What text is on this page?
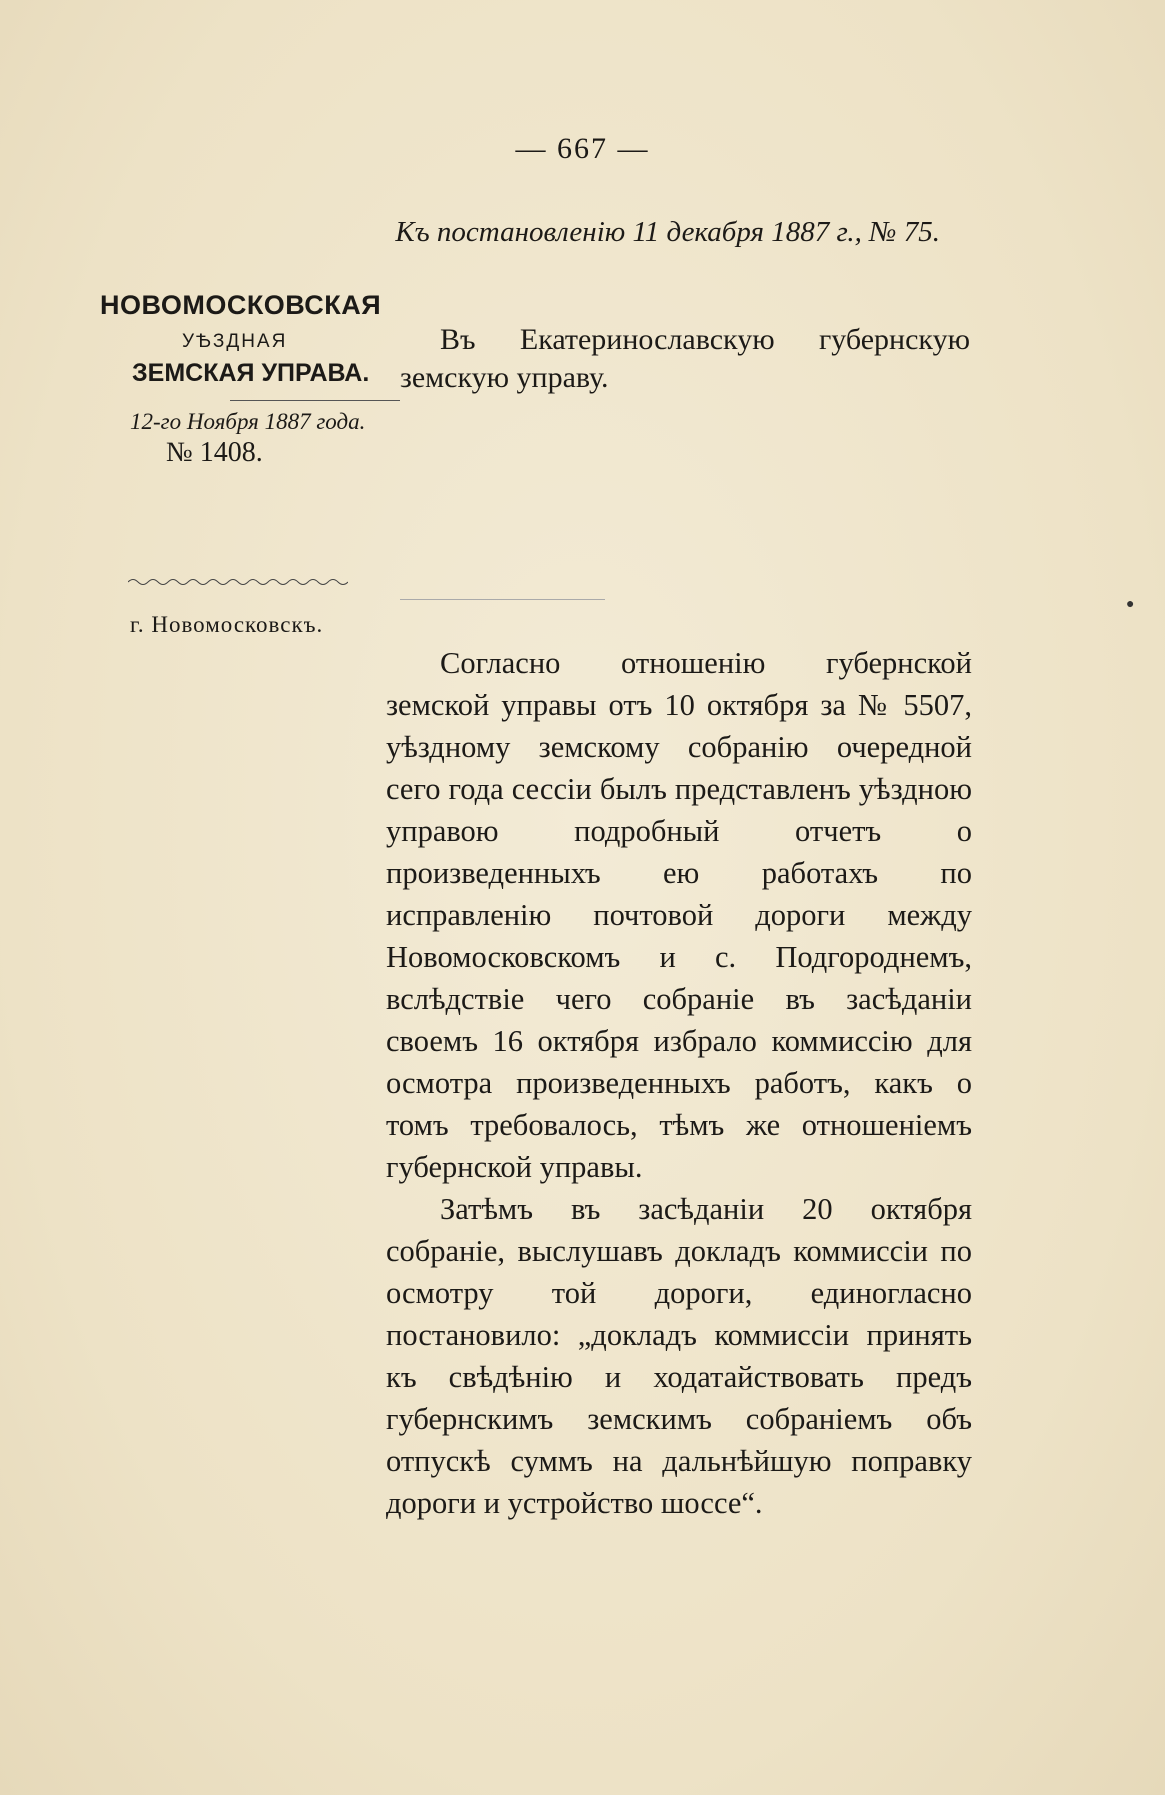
— 667 —
Къ постановленію 11 декабря 1887 г., № 75.
НОВОМОСКОВСКАЯ
УѢЗДНАЯ
ЗЕМСКАЯ УПРАВА.
12-го Ноября 1887 года.
№ 1408.
г. Новомосковскъ.
Въ Екатеринославскую губернскую
земскую управу.
●

Согласно отношенію губернской земской управы отъ 10 октября за № 5507, уѣздному земскому собранію очередной сего года сессіи былъ представленъ уѣздною управою подробный отчетъ о произведенныхъ ею работахъ по исправленію почтовой дороги между Новомосковскомъ и с. Подгороднемъ, вслѣдствіе чего собраніе въ засѣданіи своемъ 16 октября избрало коммиссію для осмотра произведенныхъ работъ, какъ о томъ требовалось, тѣмъ же отношеніемъ губернской управы.

Затѣмъ въ засѣданіи 20 октября собраніе, выслушавъ докладъ коммиссіи по осмотру той дороги, единогласно постановило: „докладъ коммиссіи принять къ свѣдѣнію и ходатайствовать предъ губернскимъ земскимъ собраніемъ объ отпускѣ суммъ на дальнѣйшую поправку дороги и устройство шоссе“.
